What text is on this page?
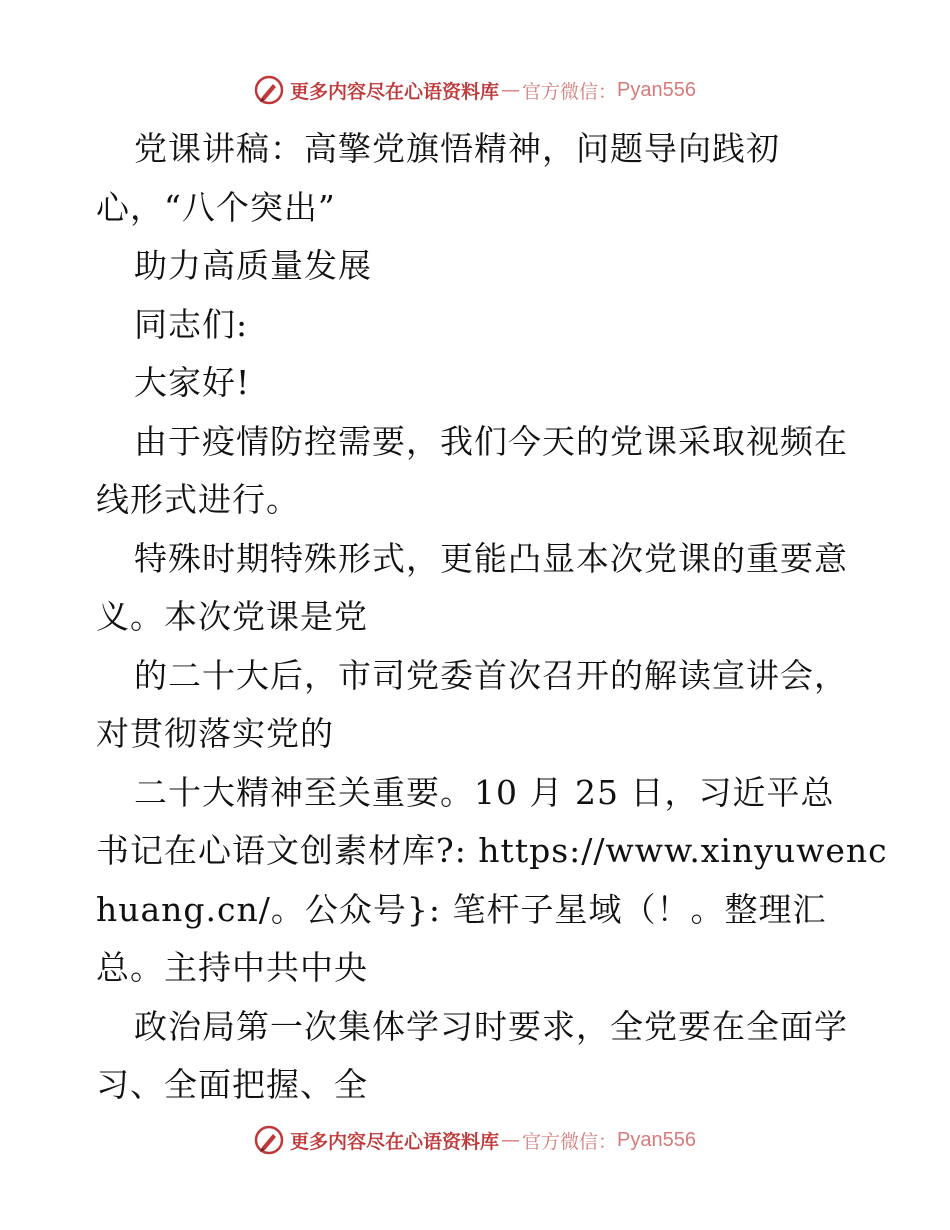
更多内容尽在心语资料库 — 官方微信： Pyan556
党课讲稿：高擎党旗悟精神，问题导向践初
心，“八个突出”
助力高质量发展
同志们:
大家好!
由于疫情防控需要，我们今天的党课采取视频在
线形式进行。
特殊时期特殊形式，更能凸显本次党课的重要意
义。本次党课是党
的二十大后，市司党委首次召开的解读宣讲会，
对贯彻落实党的
二十大精神至关重要。10 月 25 日，习近平总
书记在心语文创素材库?: https://www.xinyuwenc
huang.cn/。公众号}: 笔杆子星域（！。整理汇
总。主持中共中央
政治局第一次集体学习时要求，全党要在全面学
习、全面把握、全
更多内容尽在心语资料库 — 官方微信： Pyan556
